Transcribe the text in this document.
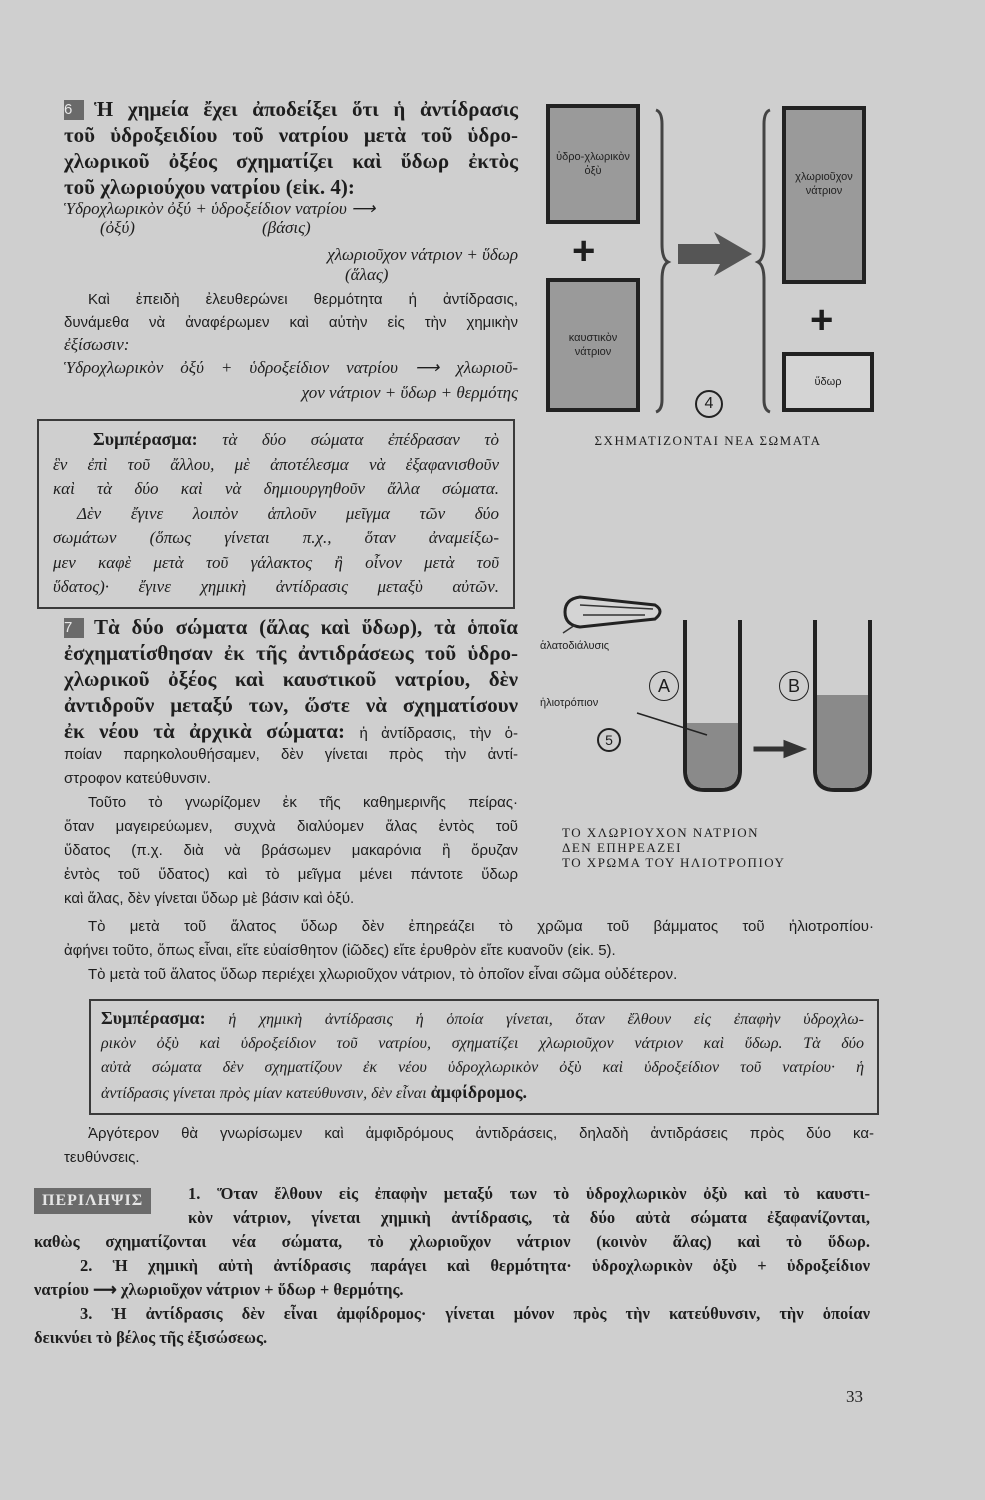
6 Ἡ χημεία ἔχει ἀποδείξει ὅτι ἡ ἀντίδρασις
τοῦ ὑδροξειδίου τοῦ νατρίου μετὰ τοῦ ὑδρο-
χλωρικοῦ ὀξέος σχηματίζει καὶ ὕδωρ ἐκτὸς
τοῦ χλωριούχου νατρίου (εἰκ. 4):
Ὑδροχλωρικὸν ὀξύ + ὑδροξείδιον νατρίου ⟶
(ὀξύ)	(βάσις)
χλωριοῦχον νάτριον + ὕδωρ
(ἅλας)
Καὶ ἐπειδὴ ἐλευθερώνει θερμότητα ἡ ἀντίδρασις,
δυνάμεθα νὰ ἀναφέρωμεν καὶ αὐτὴν εἰς τὴν χημικὴν
ἐξίσωσιν:
Ὑδροχλωρικὸν ὀξύ + ὑδροξείδιον νατρίου ⟶ χλωριοῦ-
χον νάτριον + ὕδωρ + θερμότης
Συμπέρασμα: τὰ δύο σώματα ἐπέδρασαν τὸ
ἓν ἐπὶ τοῦ ἄλλου, μὲ ἀποτέλεσμα νὰ ἐξαφανισθοῦν
καὶ τὰ δύο καὶ νὰ δημιουργηθοῦν ἄλλα σώματα.
Δὲν ἔγινε λοιπὸν ἁπλοῦν μεῖγμα τῶν δύο
σωμάτων (ὅπως γίνεται π.χ., ὅταν ἀναμείξω-
μεν καφὲ μετὰ τοῦ γάλακτος ἢ οἶνον μετὰ τοῦ
ὕδατος)· ἔγινε χημικὴ ἀντίδρασις μεταξὺ αὐτῶν.
ὑδρο-χλωρικὸν ὀξὺ
+
καυστικὸν νάτριον
χλωριοῦχον νάτριον
+
ὕδωρ
4
ΣΧΗΜΑΤΙΖΟΝΤΑΙ ΝΕΑ ΣΩΜΑΤΑ
7 Τὰ δύο σώματα (ἅλας καὶ ὕδωρ), τὰ ὁποῖα
ἐσχηματίσθησαν ἐκ τῆς ἀντιδράσεως τοῦ ὑδρο-
χλωρικοῦ ὀξέος καὶ καυστικοῦ νατρίου, δὲν
ἀντιδροῦν μεταξύ των, ὥστε νὰ σχηματίσουν
ἐκ νέου τὰ ἀρχικὰ σώματα: ἡ ἀντίδρασις, τὴν ὁ-
ποίαν παρηκολουθήσαμεν, δὲν γίνεται πρὸς τὴν ἀντί-
στροφον κατεύθυνσιν.
Τοῦτο τὸ γνωρίζομεν ἐκ τῆς καθημερινῆς πείρας·
ὅταν μαγειρεύωμεν, συχνὰ διαλύομεν ἅλας ἐντὸς τοῦ
ὕδατος (π.χ. διὰ νὰ βράσωμεν μακαρόνια ἢ ὄρυζαν
ἐντὸς τοῦ ὕδατος) καὶ τὸ μεῖγμα μένει πάντοτε ὕδωρ
καὶ ἅλας, δὲν γίνεται ὕδωρ μὲ βάσιν καὶ ὀξύ.
Τὸ μετὰ τοῦ ἅλατος ὕδωρ δὲν ἐπηρεάζει τὸ χρῶμα τοῦ βάμματος τοῦ ἡλιοτροπίου·
ἀφήνει τοῦτο, ὅπως εἶναι, εἴτε εὐαίσθητον (ἰῶδες) εἴτε ἐρυθρὸν εἴτε κυανοῦν (εἰκ. 5).
Τὸ μετὰ τοῦ ἅλατος ὕδωρ περιέχει χλωριοῦχον νάτριον, τὸ ὁποῖον εἶναι σῶμα οὐδέτερον.
ἁλατοδιάλυσις
ἡλιοτρόπιον
A	B
5
ΤΟ ΧΛΩΡΙΟΥΧΟΝ ΝΑΤΡΙΟΝ
ΔΕΝ ΕΠΗΡΕΑΖΕΙ
ΤΟ ΧΡΩΜΑ ΤΟΥ ΗΛΙΟΤΡΟΠΙΟΥ
Συμπέρασμα: ἡ χημικὴ ἀντίδρασις ἡ ὁποία γίνεται, ὅταν ἔλθουν εἰς ἐπαφὴν ὑδροχλω-
ρικὸν ὀξὺ καὶ ὑδροξείδιον τοῦ νατρίου, σχηματίζει χλωριοῦχον νάτριον καὶ ὕδωρ. Τὰ δύο
αὐτὰ σώματα δὲν σχηματίζουν ἐκ νέου ὑδροχλωρικὸν ὀξὺ καὶ ὑδροξείδιον τοῦ νατρίου· ἡ
ἀντίδρασις γίνεται πρὸς μίαν κατεύθυνσιν, δὲν εἶναι ἀμφίδρομος.
Ἀργότερον θὰ γνωρίσωμεν καὶ ἀμφιδρόμους ἀντιδράσεις, δηλαδὴ ἀντιδράσεις πρὸς δύο κα-
τευθύνσεις.
ΠΕΡΙΛΗΨΙΣ	1. Ὅταν ἔλθουν εἰς ἐπαφὴν μεταξύ των τὸ ὑδροχλωρικὸν ὀξὺ καὶ τὸ καυστι-
κὸν νάτριον, γίνεται χημικὴ ἀντίδρασις, τὰ δύο αὐτὰ σώματα ἐξαφανίζονται,
καθὼς σχηματίζονται νέα σώματα, τὸ χλωριοῦχον νάτριον (κοινὸν ἅλας) καὶ τὸ ὕδωρ.
2. Ἡ χημικὴ αὐτὴ ἀντίδρασις παράγει καὶ θερμότητα· ὑδροχλωρικὸν ὀξὺ + ὑδροξείδιον
νατρίου ⟶ χλωριοῦχον νάτριον + ὕδωρ + θερμότης.
3. Ἡ ἀντίδρασις δὲν εἶναι ἀμφίδρομος· γίνεται μόνον πρὸς τὴν κατεύθυνσιν, τὴν ὁποίαν
δεικνύει τὸ βέλος τῆς ἐξισώσεως.
33
